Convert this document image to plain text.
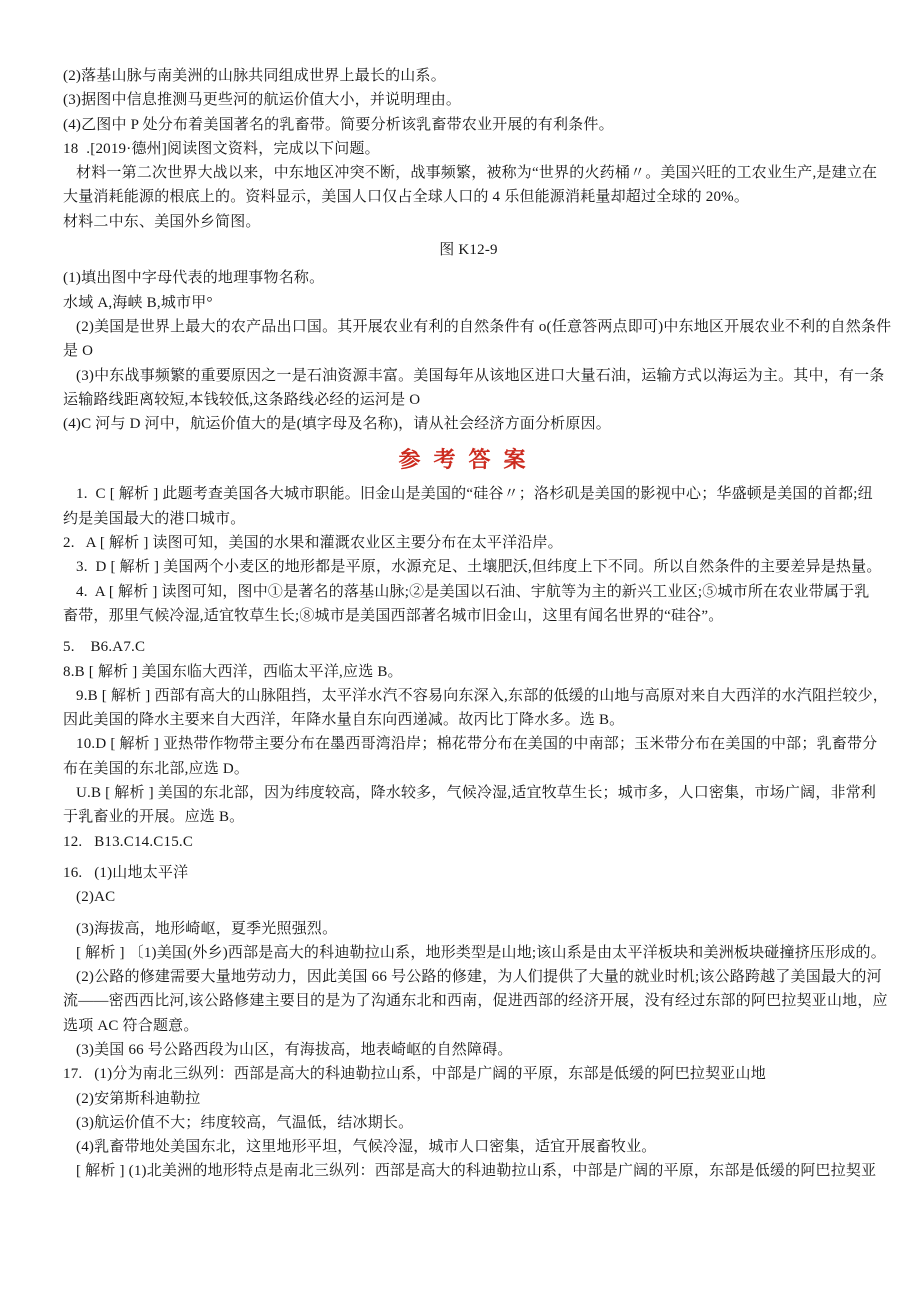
(2)落基山脉与南美洲的山脉共同组成世界上最长的山系。
(3)据图中信息推测马更些河的航运价值大小，并说明理由。
(4)乙图中 P 处分布着美国著名的乳畜带。简要分析该乳畜带农业开展的有利条件。
18  .[2019·德州]阅读图文资料，完成以下问题。
材料一第二次世界大战以来，中东地区冲突不断，战事频繁，被称为“世界的火药桶〃。美国兴旺的工农业生产,是建立在
大量消耗能源的根底上的。资料显示，美国人口仅占全球人口的 4 乐但能源消耗量却超过全球的 20%。
材料二中东、美国外乡简图。
图 K12-9
(1)填出图中字母代表的地理事物名称。
水域 A,海峡 B,城市甲°
(2)美国是世界上最大的农产品出口国。其开展农业有利的自然条件有 o(任意答两点即可)中东地区开展农业不利的自然条件
是 O
(3)中东战事频繁的重要原因之一是石油资源丰富。美国每年从该地区进口大量石油，运输方式以海运为主。其中，有一条
运输路线距离较短,本钱较低,这条路线必经的运河是 O
(4)C 河与 D 河中，航运价值大的是(填字母及名称)，请从社会经济方面分析原因。
参考答案
1.  C [ 解析 ] 此题考查美国各大城市职能。旧金山是美国的“硅谷〃；洛杉矶是美国的影视中心；华盛顿是美国的首都;纽
约是美国最大的港口城市。
2.   A [ 解析 ] 读图可知，美国的水果和灌溉农业区主要分布在太平洋沿岸。
3.  D [ 解析 ] 美国两个小麦区的地形都是平原，水源充足、土壤肥沃,但纬度上下不同。所以自然条件的主要差异是热量。
4.  A [ 解析 ] 读图可知，图中①是著名的落基山脉;②是美国以石油、宇航等为主的新兴工业区;⑤城市所在农业带属于乳
畜带，那里气候冷湿,适宜牧草生长;⑧城市是美国西部著名城市旧金山，这里有闻名世界的“硅谷”。
5.    B6.A7.C
8.B [ 解析 ] 美国东临大西洋，西临太平洋,应选 B。
9.B [ 解析 ] 西部有高大的山脉阻挡，太平洋水汽不容易向东深入,东部的低缓的山地与高原对来自大西洋的水汽阻拦较少，
因此美国的降水主要来自大西洋，年降水量自东向西递减。故丙比丁降水多。选 B。
10.D [ 解析 ] 亚热带作物带主要分布在墨西哥湾沿岸；棉花带分布在美国的中南部；玉米带分布在美国的中部；乳畜带分
布在美国的东北部,应选 D。
U.B [ 解析 ] 美国的东北部，因为纬度较高，降水较多，气候冷湿,适宜牧草生长；城市多，人口密集，市场广阔，非常利
于乳畜业的开展。应选 B。
12.   B13.C14.C15.C
16.   (1)山地太平洋
(2)AC
(3)海拔高，地形崎岖，夏季光照强烈。
[ 解析 ] 〔1)美国(外乡)西部是高大的科迪勒拉山系，地形类型是山地;该山系是由太平洋板块和美洲板块碰撞挤压形成的。
(2)公路的修建需要大量地劳动力，因此美国 66 号公路的修建，为人们提供了大量的就业时机;该公路跨越了美国最大的河
流——密西西比河,该公路修建主要目的是为了沟通东北和西南，促进西部的经济开展，没有经过东部的阿巴拉契亚山地，应
选项 AC 符合题意。
(3)美国 66 号公路西段为山区，有海拔高，地表崎岖的自然障碍。
17.   (1)分为南北三纵列：西部是高大的科迪勒拉山系，中部是广阔的平原，东部是低缓的阿巴拉契亚山地
(2)安第斯科迪勒拉
(3)航运价值不大；纬度较高，气温低，结冰期长。
(4)乳畜带地处美国东北，这里地形平坦，气候冷湿，城市人口密集，适宜开展畜牧业。
[ 解析 ] (1)北美洲的地形特点是南北三纵列：西部是高大的科迪勒拉山系，中部是广阔的平原，东部是低缓的阿巴拉契亚
